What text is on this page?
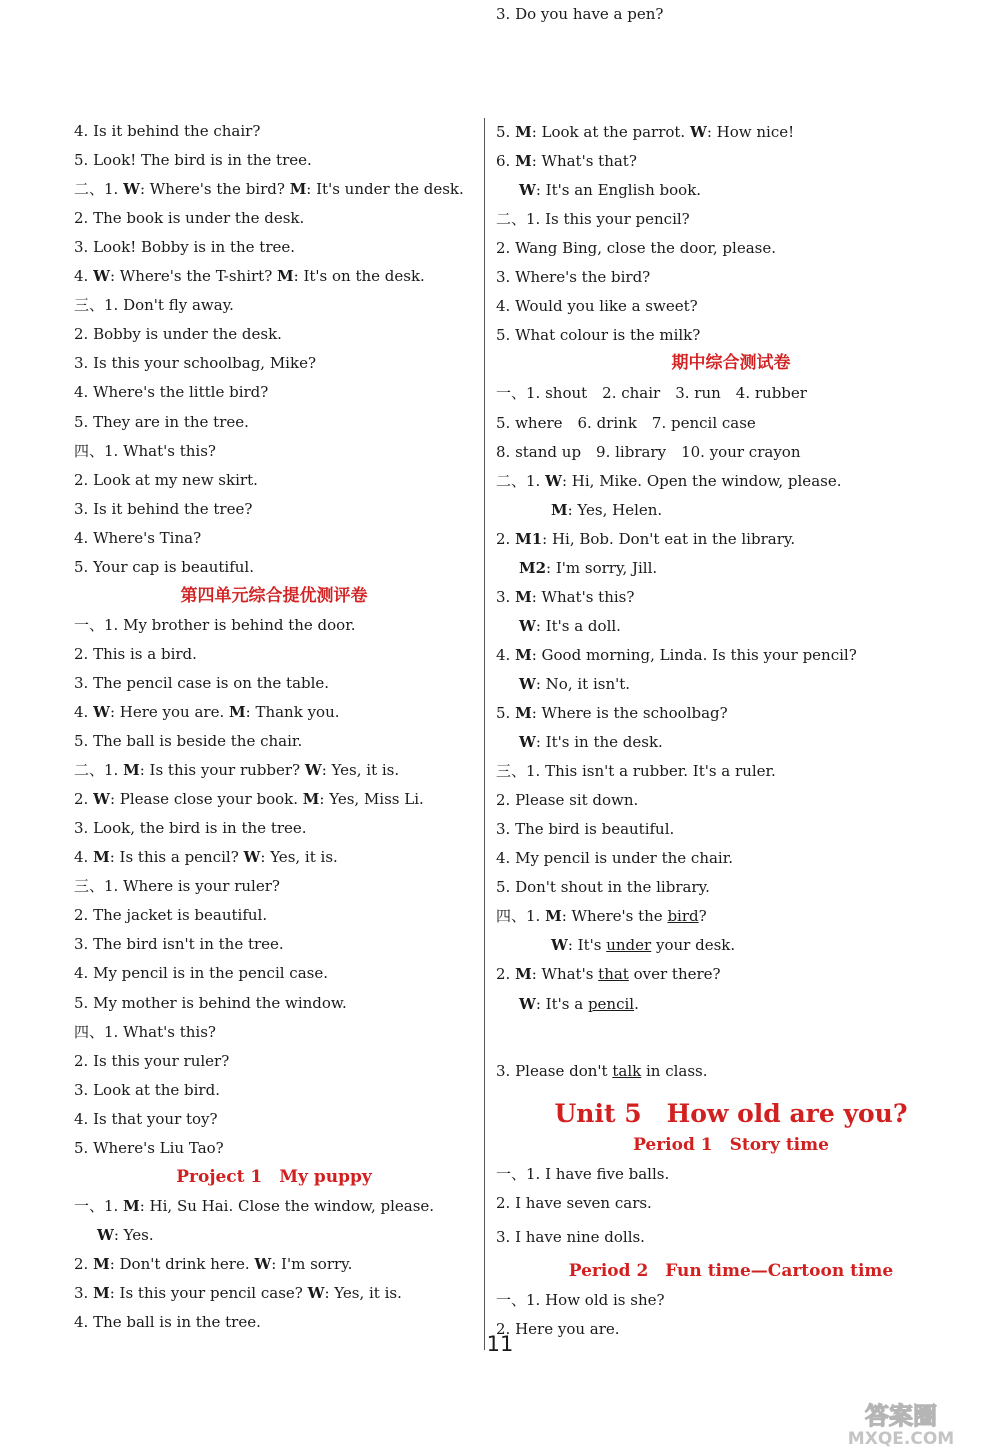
4. Is it behind the chair?
5. Look! The bird is in the tree.
二、1. W: Where's the bird? M: It's under the desk.
2. The book is under the desk.
3. Look! Bobby is in the tree.
4. W: Where's the T-shirt? M: It's on the desk.
三、1. Don't fly away.
2. Bobby is under the desk.
3. Is this your schoolbag, Mike?
4. Where's the little bird?
5. They are in the tree.
四、1. What's this?
2. Look at my new skirt.
3. Is it behind the tree?
4. Where's Tina?
5. Your cap is beautiful.
第四单元综合提优测评卷
一、1. My brother is behind the door.
2. This is a bird.
3. The pencil case is on the table.
4. W: Here you are. M: Thank you.
5. The ball is beside the chair.
二、1. M: Is this your rubber? W: Yes, it is.
2. W: Please close your book. M: Yes, Miss Li.
3. Look, the bird is in the tree.
4. M: Is this a pencil? W: Yes, it is.
三、1. Where is your ruler?
2. The jacket is beautiful.
3. The bird isn't in the tree.
4. My pencil is in the pencil case.
5. My mother is behind the window.
四、1. What's this?
2. Is this your ruler?
3. Look at the bird.
4. Is that your toy?
5. Where's Liu Tao?
Project 1　My puppy
一、1. M: Hi, Su Hai. Close the window, please.
W: Yes.
2. M: Don't drink here. W: I'm sorry.
3. M: Is this your pencil case? W: Yes, it is.
4. The ball is in the tree.
5. M: Look at the parrot. W: How nice!
6. M: What's that?
W: It's an English book.
二、1. Is this your pencil?
2. Wang Bing, close the door, please.
3. Where's the bird?
4. Would you like a sweet?
5. What colour is the milk?
期中综合测试卷
一、1. shout　2. chair　3. run　4. rubber
5. where　6. drink　7. pencil case
8. stand up　9. library　10. your crayon
二、1. W: Hi, Mike. Open the window, please.
M: Yes, Helen.
2. M1: Hi, Bob. Don't eat in the library.
M2: I'm sorry, Jill.
3. M: What's this?
W: It's a doll.
4. M: Good morning, Linda. Is this your pencil?
W: No, it isn't.
5. M: Where is the schoolbag?
W: It's in the desk.
三、1. This isn't a rubber. It's a ruler.
2. Please sit down.
3. The bird is beautiful.
4. My pencil is under the chair.
5. Don't shout in the library.
四、1. M: Where's the bird?
W: It's under your desk.
2. M: What's that over there?
W: It's a pencil.
3. Please don't talk in class.
Unit 5　How old are you?
Period 1　Story time
一、1. I have five balls.
2. I have seven cars.
3. I have nine dolls.
Period 2　Fun time—Cartoon time
一、1. How old is she?
2. Here you are.
3. Do you have a pen?
11
答案圈
MXQE.COM
